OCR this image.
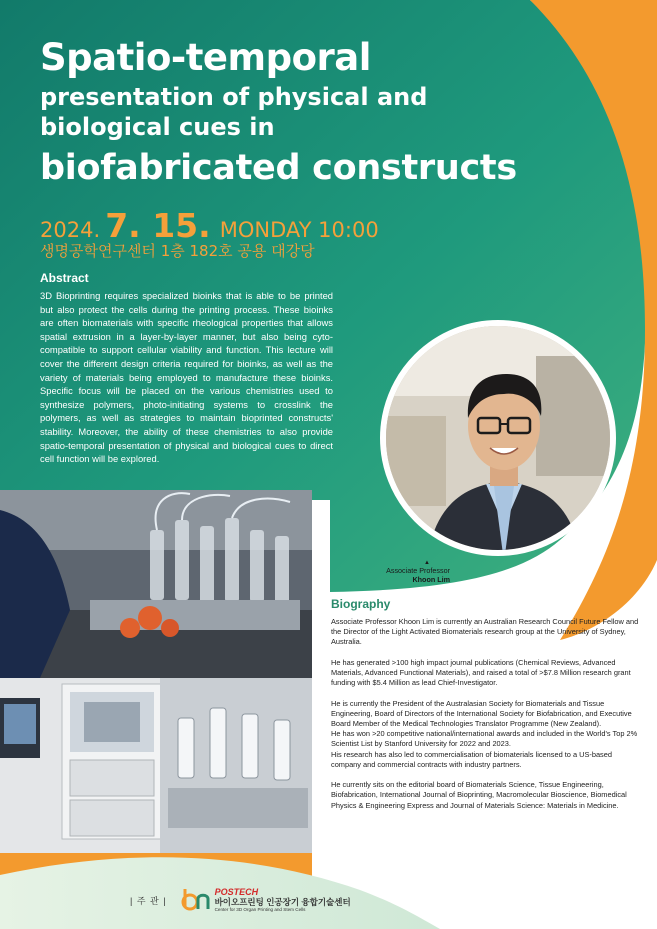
Spatio-temporal
presentation of physical and
biological cues in
biofabricated constructs
2024. 7. 15. MONDAY 10:00
생명공학연구센터 1층 182호 공용 대강당
Abstract
3D Bioprinting requires specialized bioinks that is able to be printed but also protect the cells during the printing process. These bioinks are often biomaterials with specific rheological properties that allows spatial extrusion in a layer-by-layer manner, but also being cyto-compatible to support cellular viability and function. This lecture will cover the different design criteria required for bioinks, as well as the variety of materials being employed to manufacture these bioinks. Specific focus will be placed on the various chemistries used to synthesize polymers, photo-initiating systems to crosslink the polymers, as well as strategies to maintain bioprinted constructs' stability. Moreover, the ability of these chemistries to also provide spatio-temporal presentation of physical and biological cues to direct cell function will be explored.
▲
Associate Professor
Khoon Lim
Biography

Associate Professor Khoon Lim is currently an Australian Research Council Future Fellow and the Director of the Light Activated Biomaterials research group at the University of Sydney, Australia.

He has generated >100 high impact journal publications (Chemical Reviews, Advanced Materials, Advanced Functional Materials), and raised a total of >$7.8 Million research grant funding with $5.4 Million as lead Chief-Investigator.

He is currently the President of the Australasian Society for Biomaterials and Tissue Engineering, Board of Directors of the International Society for Biofabrication, and Executive Board Member of the Medical Technologies Translator Programme (New Zealand).

He has won >20 competitive national/international awards and included in the World's Top 2% Scientist List by Stanford University for 2022 and 2023.

His research has also led to commercialisation of biomaterials licensed to a US-based company and commercial contracts with industry partners.

He currently sits on the editorial board of Biomaterials Science, Tissue Engineering, Biofabrication, International Journal of Bioprinting, Macromolecular Bioscience, Biomedical Physics & Engineering Express and Journal of Materials Science: Materials in Medicine.

| 주 관 |
POSTECH
바이오프린팅 인공장기 융합기술센터
Center for 3D Organ Printing and Stem Cells
